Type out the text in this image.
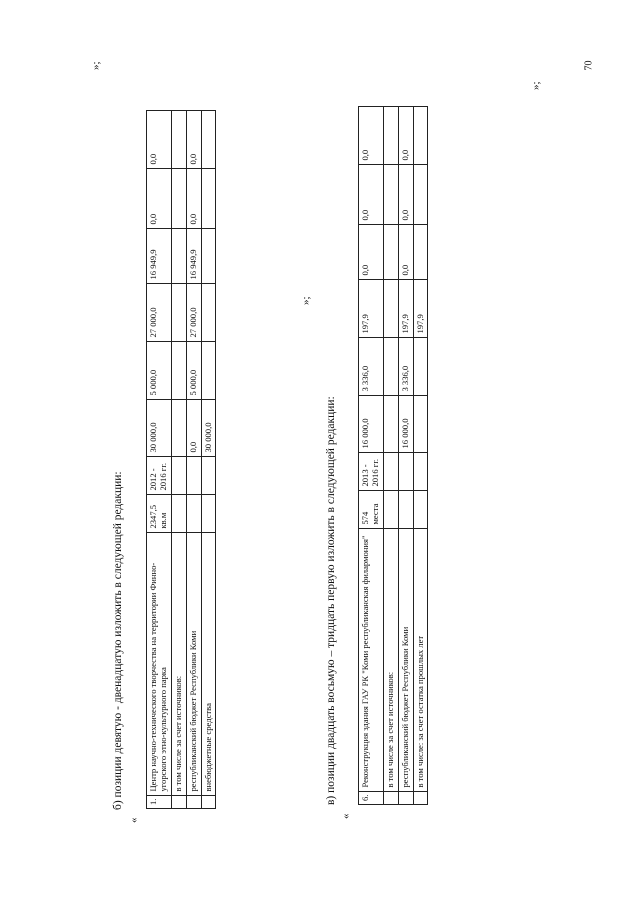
70
б) позиции девятую - двенадцатую изложить в следующей редакции:
»;
«
1.	Центр научно-технического творчества на территории Финно-угорского этно-культурного парка	2347,5 кв.м	2012 - 2016 гг.	30 000,0	5 000,0	27 000,0	16 949,9	0,0	0,0
	в том числе за счет источников:								
	республиканский бюджет Республики Коми			0,0	5 000,0	27 000,0	16 949,9	0,0	0,0
	внебюджетные средства			30 000,0					
»;
в) позиции двадцать восьмую – тридцать первую изложить в следующей редакции:
«
6.	Реконструкция здания ГАУ РК "Коми республиканская филармония"	574 места	2013 - 2016 гг.	16 000,0	3 336,0	197,9	0,0	0,0	0,0
	в том числе за счет источников:								
	республиканский бюджет Республики Коми			16 000,0	3 336,0	197,9	0,0	0,0	0,0
	в том числе: за счет остатка прошлых лет					197,9			
»;
